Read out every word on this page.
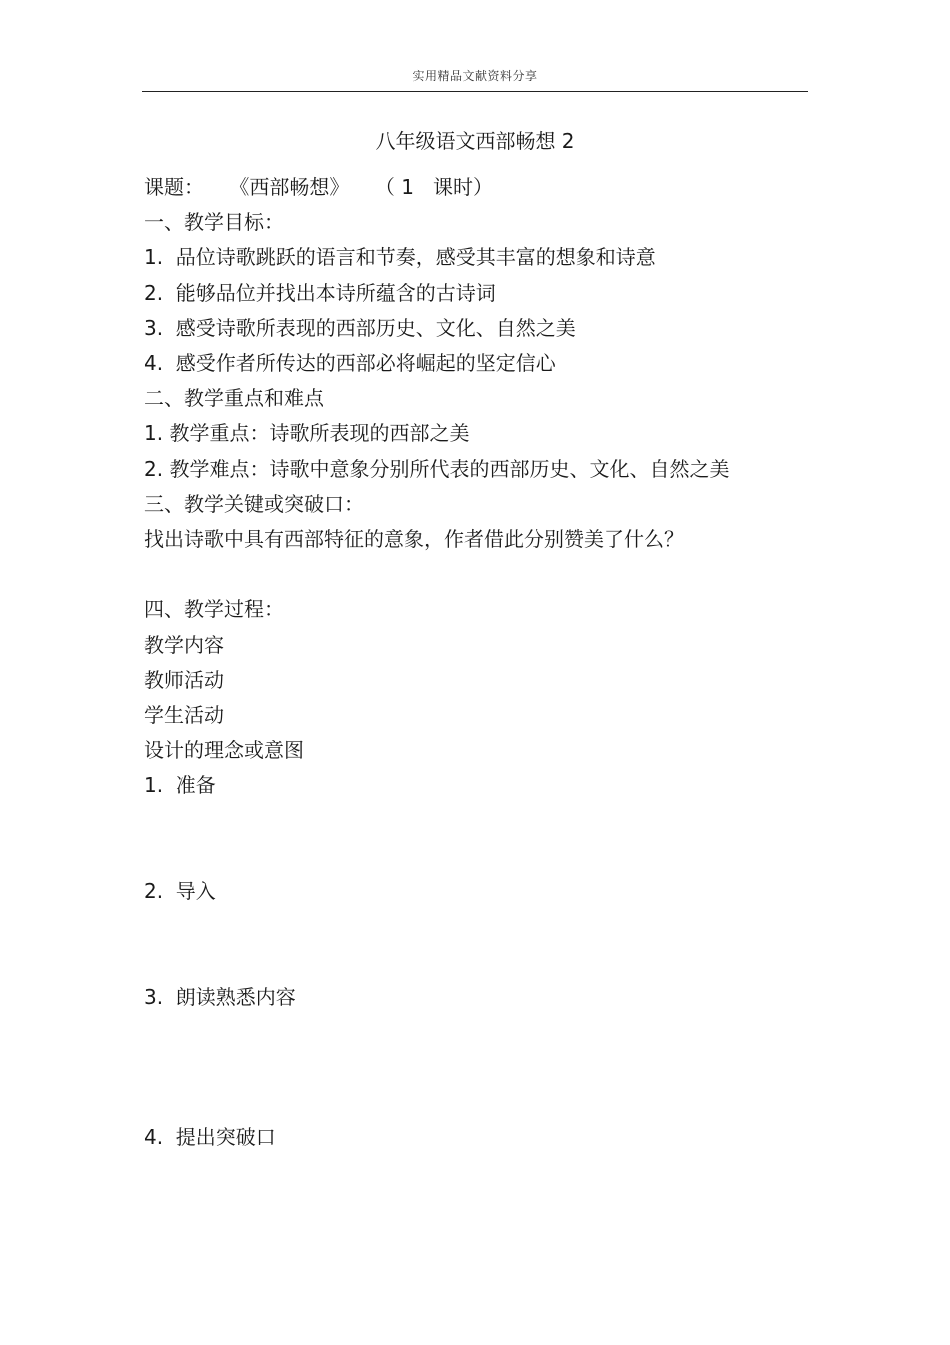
实用精品文献资料分享
八年级语文西部畅想 2
课题：    《西部畅想》    （ 1   课时）
一、教学目标：
1.  品位诗歌跳跃的语言和节奏，感受其丰富的想象和诗意
2.  能够品位并找出本诗所蕴含的古诗词
3.  感受诗歌所表现的西部历史、文化、自然之美
4.  感受作者所传达的西部必将崛起的坚定信心
二、教学重点和难点
1. 教学重点：诗歌所表现的西部之美
2. 教学难点：诗歌中意象分别所代表的西部历史、文化、自然之美
三、教学关键或突破口：
找出诗歌中具有西部特征的意象，作者借此分别赞美了什么？
四、教学过程：
教学内容
教师活动
学生活动
设计的理念或意图
1.  准备
2.  导入
3.  朗读熟悉内容
4.  提出突破口
